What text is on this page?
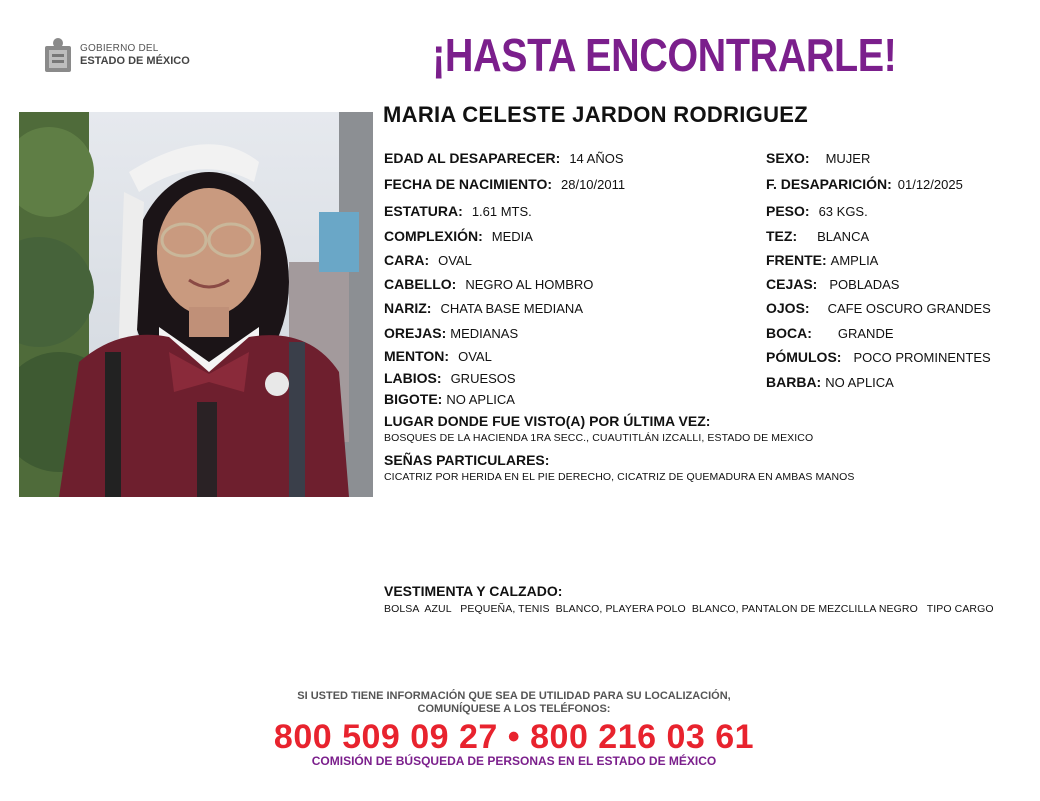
GOBIERNO DEL
ESTADO DE MÉXICO	¡HASTA ENCONTRARLE!
MARIA CELESTE JARDON RODRIGUEZ
EDAD AL DESAPARECER: 14 AÑOS
FECHA DE NACIMIENTO: 28/10/2011
ESTATURA: 1.61 MTS.
COMPLEXIÓN: MEDIA
CARA: OVAL
CABELLO: NEGRO AL HOMBRO
NARIZ: CHATA BASE MEDIANA
OREJAS: MEDIANAS
MENTON: OVAL
LABIOS: GRUESOS
BIGOTE: NO APLICA
SEXO: MUJER
F. DESAPARICIÓN: 01/12/2025
PESO: 63 KGS.
TEZ: BLANCA
FRENTE: AMPLIA
CEJAS: POBLADAS
OJOS: CAFE OSCURO GRANDES
BOCA: GRANDE
PÓMULOS: POCO PROMINENTES
BARBA: NO APLICA
LUGAR DONDE FUE VISTO(A) POR ÚLTIMA VEZ:
BOSQUES DE LA HACIENDA 1RA SECC., CUAUTITLÁN IZCALLI, ESTADO DE MEXICO
SEÑAS PARTICULARES:
CICATRIZ POR HERIDA EN EL PIE DERECHO, CICATRIZ DE QUEMADURA EN AMBAS MANOS
VESTIMENTA Y CALZADO:
BOLSA  AZUL   PEQUEÑA, TENIS  BLANCO, PLAYERA POLO  BLANCO, PANTALON DE MEZCLILLA NEGRO   TIPO CARGO
SI USTED TIENE INFORMACIÓN QUE SEA DE UTILIDAD PARA SU LOCALIZACIÓN,
COMUNÍQUESE A LOS TELÉFONOS:
800 509 09 27 • 800 216 03 61
COMISIÓN DE BÚSQUEDA DE PERSONAS EN EL ESTADO DE MÉXICO
